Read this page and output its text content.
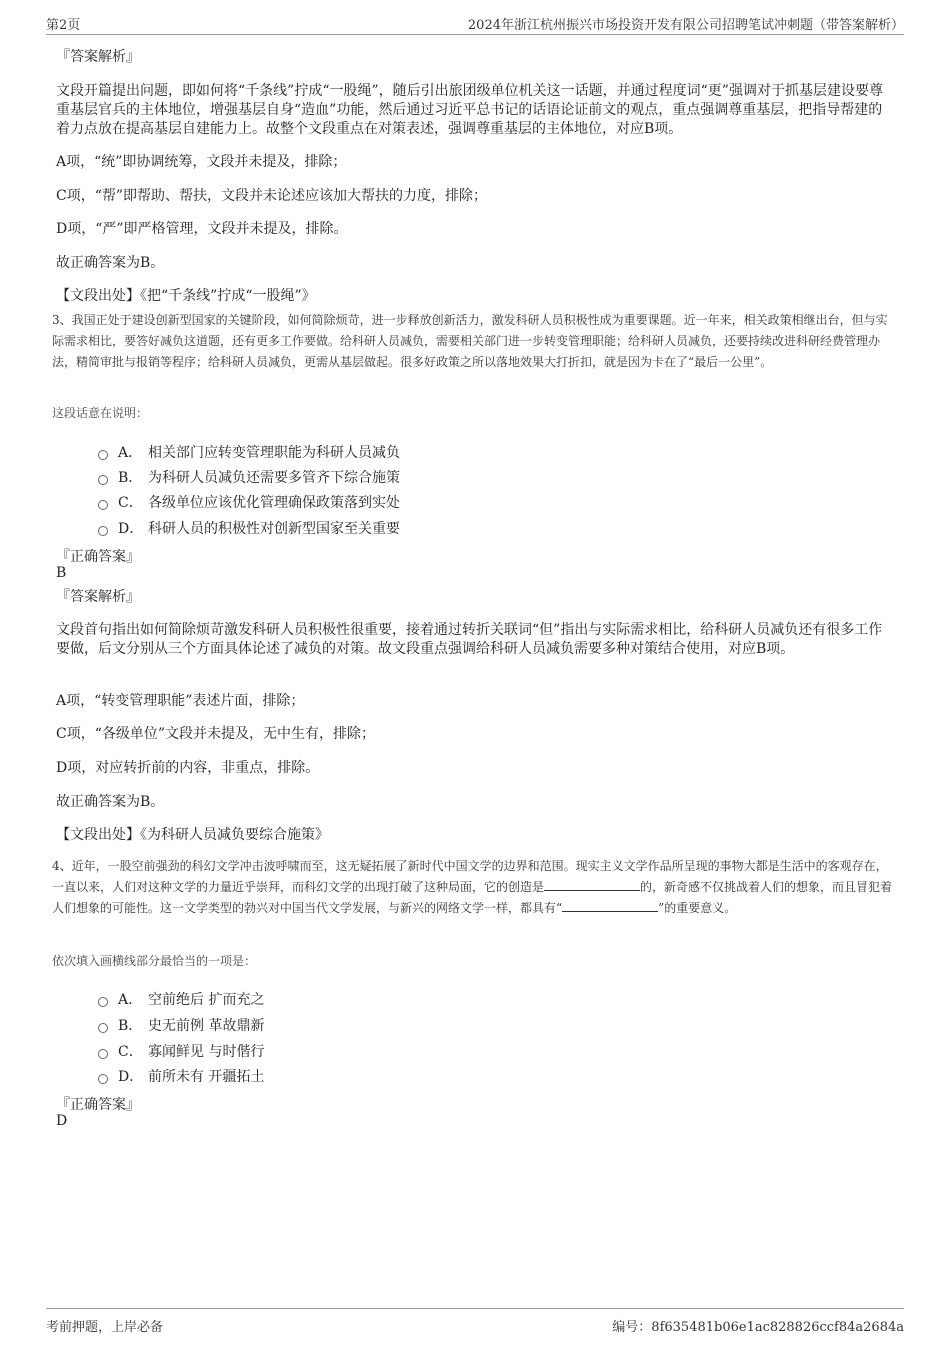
第2页	2024年浙江杭州振兴市场投资开发有限公司招聘笔试冲刺题（带答案解析）
『答案解析』
文段开篇提出问题，即如何将“千条线”拧成“一股绳”，随后引出旅团级单位机关这一话题，并通过程度词“更”强调对于抓基层建设要尊重基层官兵的主体地位，增强基层自身“造血”功能，然后通过习近平总书记的话语论证前文的观点，重点强调尊重基层，把指导帮建的着力点放在提高基层自建能力上。故整个文段重点在对策表述，强调尊重基层的主体地位，对应B项。
A项，“统”即协调统筹，文段并未提及，排除；
C项，“帮”即帮助、帮扶，文段并未论述应该加大帮扶的力度，排除；
D项，“严”即严格管理，文段并未提及，排除。
故正确答案为B。
【文段出处】《把“千条线”拧成“一股绳”》
3、我国正处于建设创新型国家的关键阶段，如何简除烦苛，进一步释放创新活力，激发科研人员积极性成为重要课题。近一年来，相关政策相继出台，但与实际需求相比，要答好减负这道题，还有更多工作要做。给科研人员减负，需要相关部门进一步转变管理职能；给科研人员减负，还要持续改进科研经费管理办法，精简审批与报销等程序；给科研人员减负，更需从基层做起。很多好政策之所以落地效果大打折扣，就是因为卡在了“最后一公里”。
这段话意在说明：
A． 相关部门应转变管理职能为科研人员减负
B． 为科研人员减负还需要多管齐下综合施策
C． 各级单位应该优化管理确保政策落到实处
D． 科研人员的积极性对创新型国家至关重要
『正确答案』
B
『答案解析』
文段首句指出如何简除烦苛激发科研人员积极性很重要，接着通过转折关联词“但”指出与实际需求相比，给科研人员减负还有很多工作要做，后文分别从三个方面具体论述了减负的对策。故文段重点强调给科研人员减负需要多种对策结合使用，对应B项。
A项，“转变管理职能”表述片面，排除；
C项，“各级单位”文段并未提及，无中生有，排除；
D项，对应转折前的内容，非重点，排除。
故正确答案为B。
【文段出处】《为科研人员减负要综合施策》
4、近年，一股空前强劲的科幻文学冲击波呼啸而至，这无疑拓展了新时代中国文学的边界和范围。现实主义文学作品所呈现的事物大都是生活中的客观存在，一直以来，人们对这种文学的力量近乎崇拜，而科幻文学的出现打破了这种局面，它的创造是	的，新奇感不仅挑战着人们的想象，而且冒犯着人们想象的可能性。这一文学类型的勃兴对中国当代文学发展，与新兴的网络文学一样，都具有“	”的重要意义。
依次填入画横线部分最恰当的一项是：
A． 空前绝后 扩而充之
B． 史无前例 革故鼎新
C． 寡闻鲜见 与时偕行
D． 前所未有 开疆拓土
『正确答案』
D
考前押题，上岸必备	编号：8f635481b06e1ac828826ccf84a2684a
